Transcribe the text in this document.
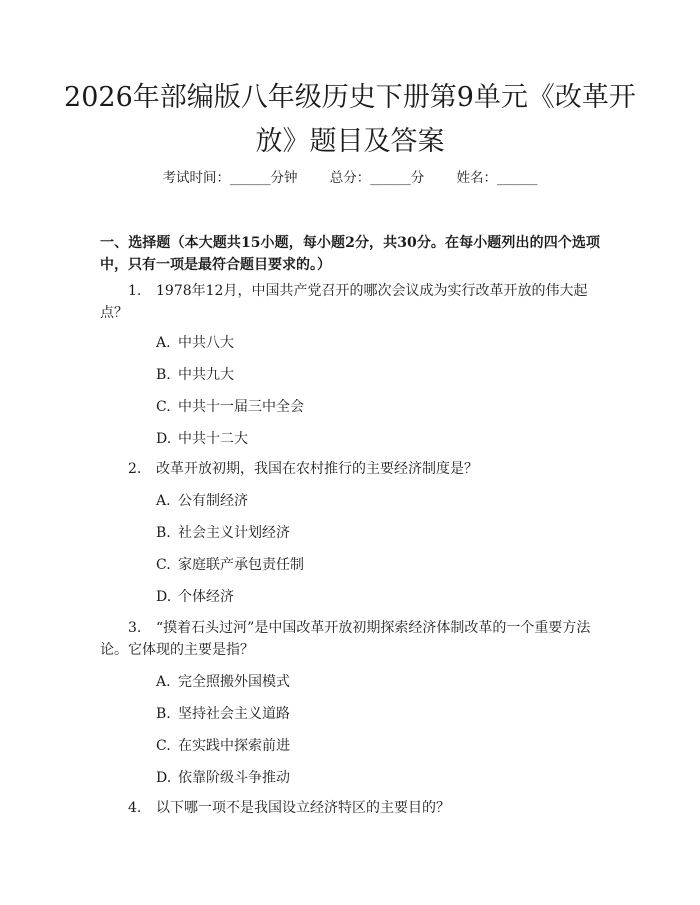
2026年部编版八年级历史下册第9单元《改革开放》题目及答案
考试时间：______分钟 总分：______分 姓名：______
一、选择题（本大题共15小题，每小题2分，共30分。在每小题列出的四个选项中，只有一项是最符合题目要求的。）
1. 1978年12月，中国共产党召开的哪次会议成为实行改革开放的伟大起点？
A. 中共八大
B. 中共九大
C. 中共十一届三中全会
D. 中共十二大
2. 改革开放初期，我国在农村推行的主要经济制度是？
A. 公有制经济
B. 社会主义计划经济
C. 家庭联产承包责任制
D. 个体经济
3. “摸着石头过河”是中国改革开放初期探索经济体制改革的一个重要方法论。它体现的主要是指？
A. 完全照搬外国模式
B. 坚持社会主义道路
C. 在实践中探索前进
D. 依靠阶级斗争推动
4. 以下哪一项不是我国设立经济特区的主要目的？
